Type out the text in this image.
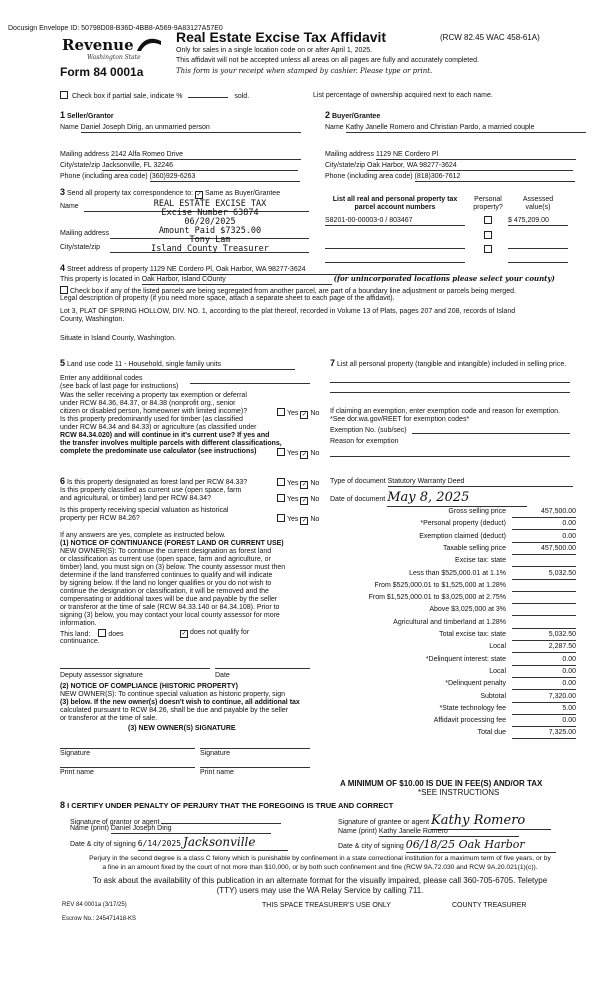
Docusign Envelope ID: 50798D08-B36D-4BB8-A569-9A83127A57E0
Revenue
Washington State
Form 84 0001a
Real Estate Excise Tax Affidavit	(RCW 82.45 WAC 458-61A)
Only for sales in a single location code on or after April 1, 2025.
This affidavit will not be accepted unless all areas on all pages are fully and accurately completed.
This form is your receipt when stamped by cashier. Please type or print.
Check box if partial sale, indicate %	sold.	List percentage of ownership acquired next to each name.
1 Seller/Grantor
Name Daniel Joseph Dirig, an unmarried person
Mailing address 2142 Alfa Romeo Drive
City/state/zip Jacksonville, FL 32246
Phone (including area code) (360)929-6263
2 Buyer/Grantee
Name Kathy Janelle Romero and Christian Pardo, a married couple
Mailing address 1129 NE Cordero Pl
City/state/zip Oak Harbor, WA 98277-3624
Phone (including area code) (818)306-7612
3 Send all property tax correspondence to: ✓ Same as Buyer/Grantee
Name
Mailing address
City/state/zip
REAL ESTATE EXCISE TAX
Excise Number 63874
06/20/2025
Amount Paid $7325.00
Tony Lam
Island County Treasurer
List all real and personal property tax parcel account numbers
Personal property?
Assessed value(s)
S8201-00-00003-0 / 803467	$ 475,209.00
4 Street address of property 1129 NE Cordero Pl, Oak Harbor, WA 98277-3624
This property is located in Oak Harbor, Island COunty	(for unincorporated locations please select your county)
Check box if any of the listed parcels are being segregated from another parcel, are part of a boundary line adjustment or parcels being merged.
Legal description of property (if you need more space, attach a separate sheet to each page of the affidavit).
Lot 3, PLAT OF SPRING HOLLOW, DIV. NO. 1, according to the plat thereof, recorded in Volume 13 of Plats, pages 207 and 208, records of Island
County, Washington.
Situate in Island County, Washington.
5 Land use code 11 - Household, single family units
Enter any additional codes
(see back of last page for instructions)
Was the seller receiving a property tax exemption or deferral
under RCW 84.36, 84.37, or 84.38 (nonprofit org., senior
citizen or disabled person, homeowner with limited income)?	Yes ✓ No
Is this property predominantly used for timber (as classified
under RCW 84.34 and 84.33) or agriculture (as classified under
RCW 84.34.020) and will continue in it's current use? If yes and
the transfer involves multiple parcels with different classifications,
complete the predominate use calculator (see instructions)	Yes ✓ No
7 List all personal property (tangible and intangible) included in selling price.
If claiming an exemption, enter exemption code and reason for exemption.
*See dor.wa.gov/REET for exemption codes*
Exemption No. (sub/sec)
Reason for exemption
6 Is this property designated as forest land per RCW 84.33?	Yes ✓ No
Is this property classified as current use (open space, farm
and agricultural, or timber) land per RCW 84.34?	Yes ✓ No
Is this property receiving special valuation as historical
property per RCW 84.26?	Yes ✓ No
If any answers are yes, complete as instructed below.
(1) NOTICE OF CONTINUANCE (FOREST LAND OR CURRENT USE)
NEW OWNER(S): To continue the current designation as forest land
or classification as current use (open space, farm and agriculture, or
timber) land, you must sign on (3) below. The county assessor must then
determine if the land transferred continues to qualify and will indicate
by signing below. If the land no longer qualifies or you do not wish to
continue the designation or classification, it will be removed and the
compensating or additional taxes will be due and payable by the seller
or transferor at the time of sale (RCW 84.33.140 or 84.34.108). Prior to
signing (3) below, you may contact your local county assessor for more
information.
This land:	does	✓ does not qualify for
continuance.
Deputy assessor signature	Date
(2) NOTICE OF COMPLIANCE (HISTORIC PROPERTY)
NEW OWNER(S): To continue special valuation as historic property, sign
(3) below. If the new owner(s) doesn't wish to continue, all additional tax
calculated pursuant to RCW 84.26, shall be due and payable by the seller
or transferor at the time of sale.
(3) NEW OWNER(S) SIGNATURE
Signature	Signature
Print name	Print name
Type of document Statutory Warranty Deed
Date of document May 8, 2025
Gross selling price	457,500.00
*Personal property (deduct)	0.00
Exemption claimed (deduct)	0.00
Taxable selling price	457,500.00
Excise tax: state
Less than $525,000.01 at 1.1%	5,032.50
From $525,000.01 to $1,525,000 at 1.28%
From $1,525,000.01 to $3,025,000 at 2.75%
Above $3,025,000 at 3%
Agricultural and timberland at 1.28%
Total excise tax: state	5,032.50
Local	2,287.50
*Delinquent interest: state	0.00
Local	0.00
*Delinquent penalty	0.00
Subtotal	7,320.00
*State technology fee	5.00
Affidavit processing fee	0.00
Total due	7,325.00
A MINIMUM OF $10.00 IS DUE IN FEE(S) AND/OR TAX
*SEE INSTRUCTIONS
8 I CERTIFY UNDER PENALTY OF PERJURY THAT THE FOREGOING IS TRUE AND CORRECT
Signature of grantor or agent
Name (print) Daniel Joseph Dirig
Date & city of signing 6/14/2025 Jacksonville
Signature of grantee or agent Kathy Romero
Name (print) Kathy Janelle Romero
Date & city of signing 06/18/25 Oak Harbor
Perjury in the second degree is a class C felony which is punishable by confinement in a state correctional institution for a maximum term of five years, or by
a fine in an amount fixed by the court of not more than $10,000, or by both such confinement and fine (RCW 9A.72.030 and RCW 9A.20.021(1)(c)).
To ask about the availability of this publication in an alternate format for the visually impaired, please call 360-705-6705. Teletype
(TTY) users may use the WA Relay Service by calling 711.
REV 84 0001a (3/17/25)	THIS SPACE TREASURER'S USE ONLY	COUNTY TREASURER
Escrow No.: 245471418-KS
